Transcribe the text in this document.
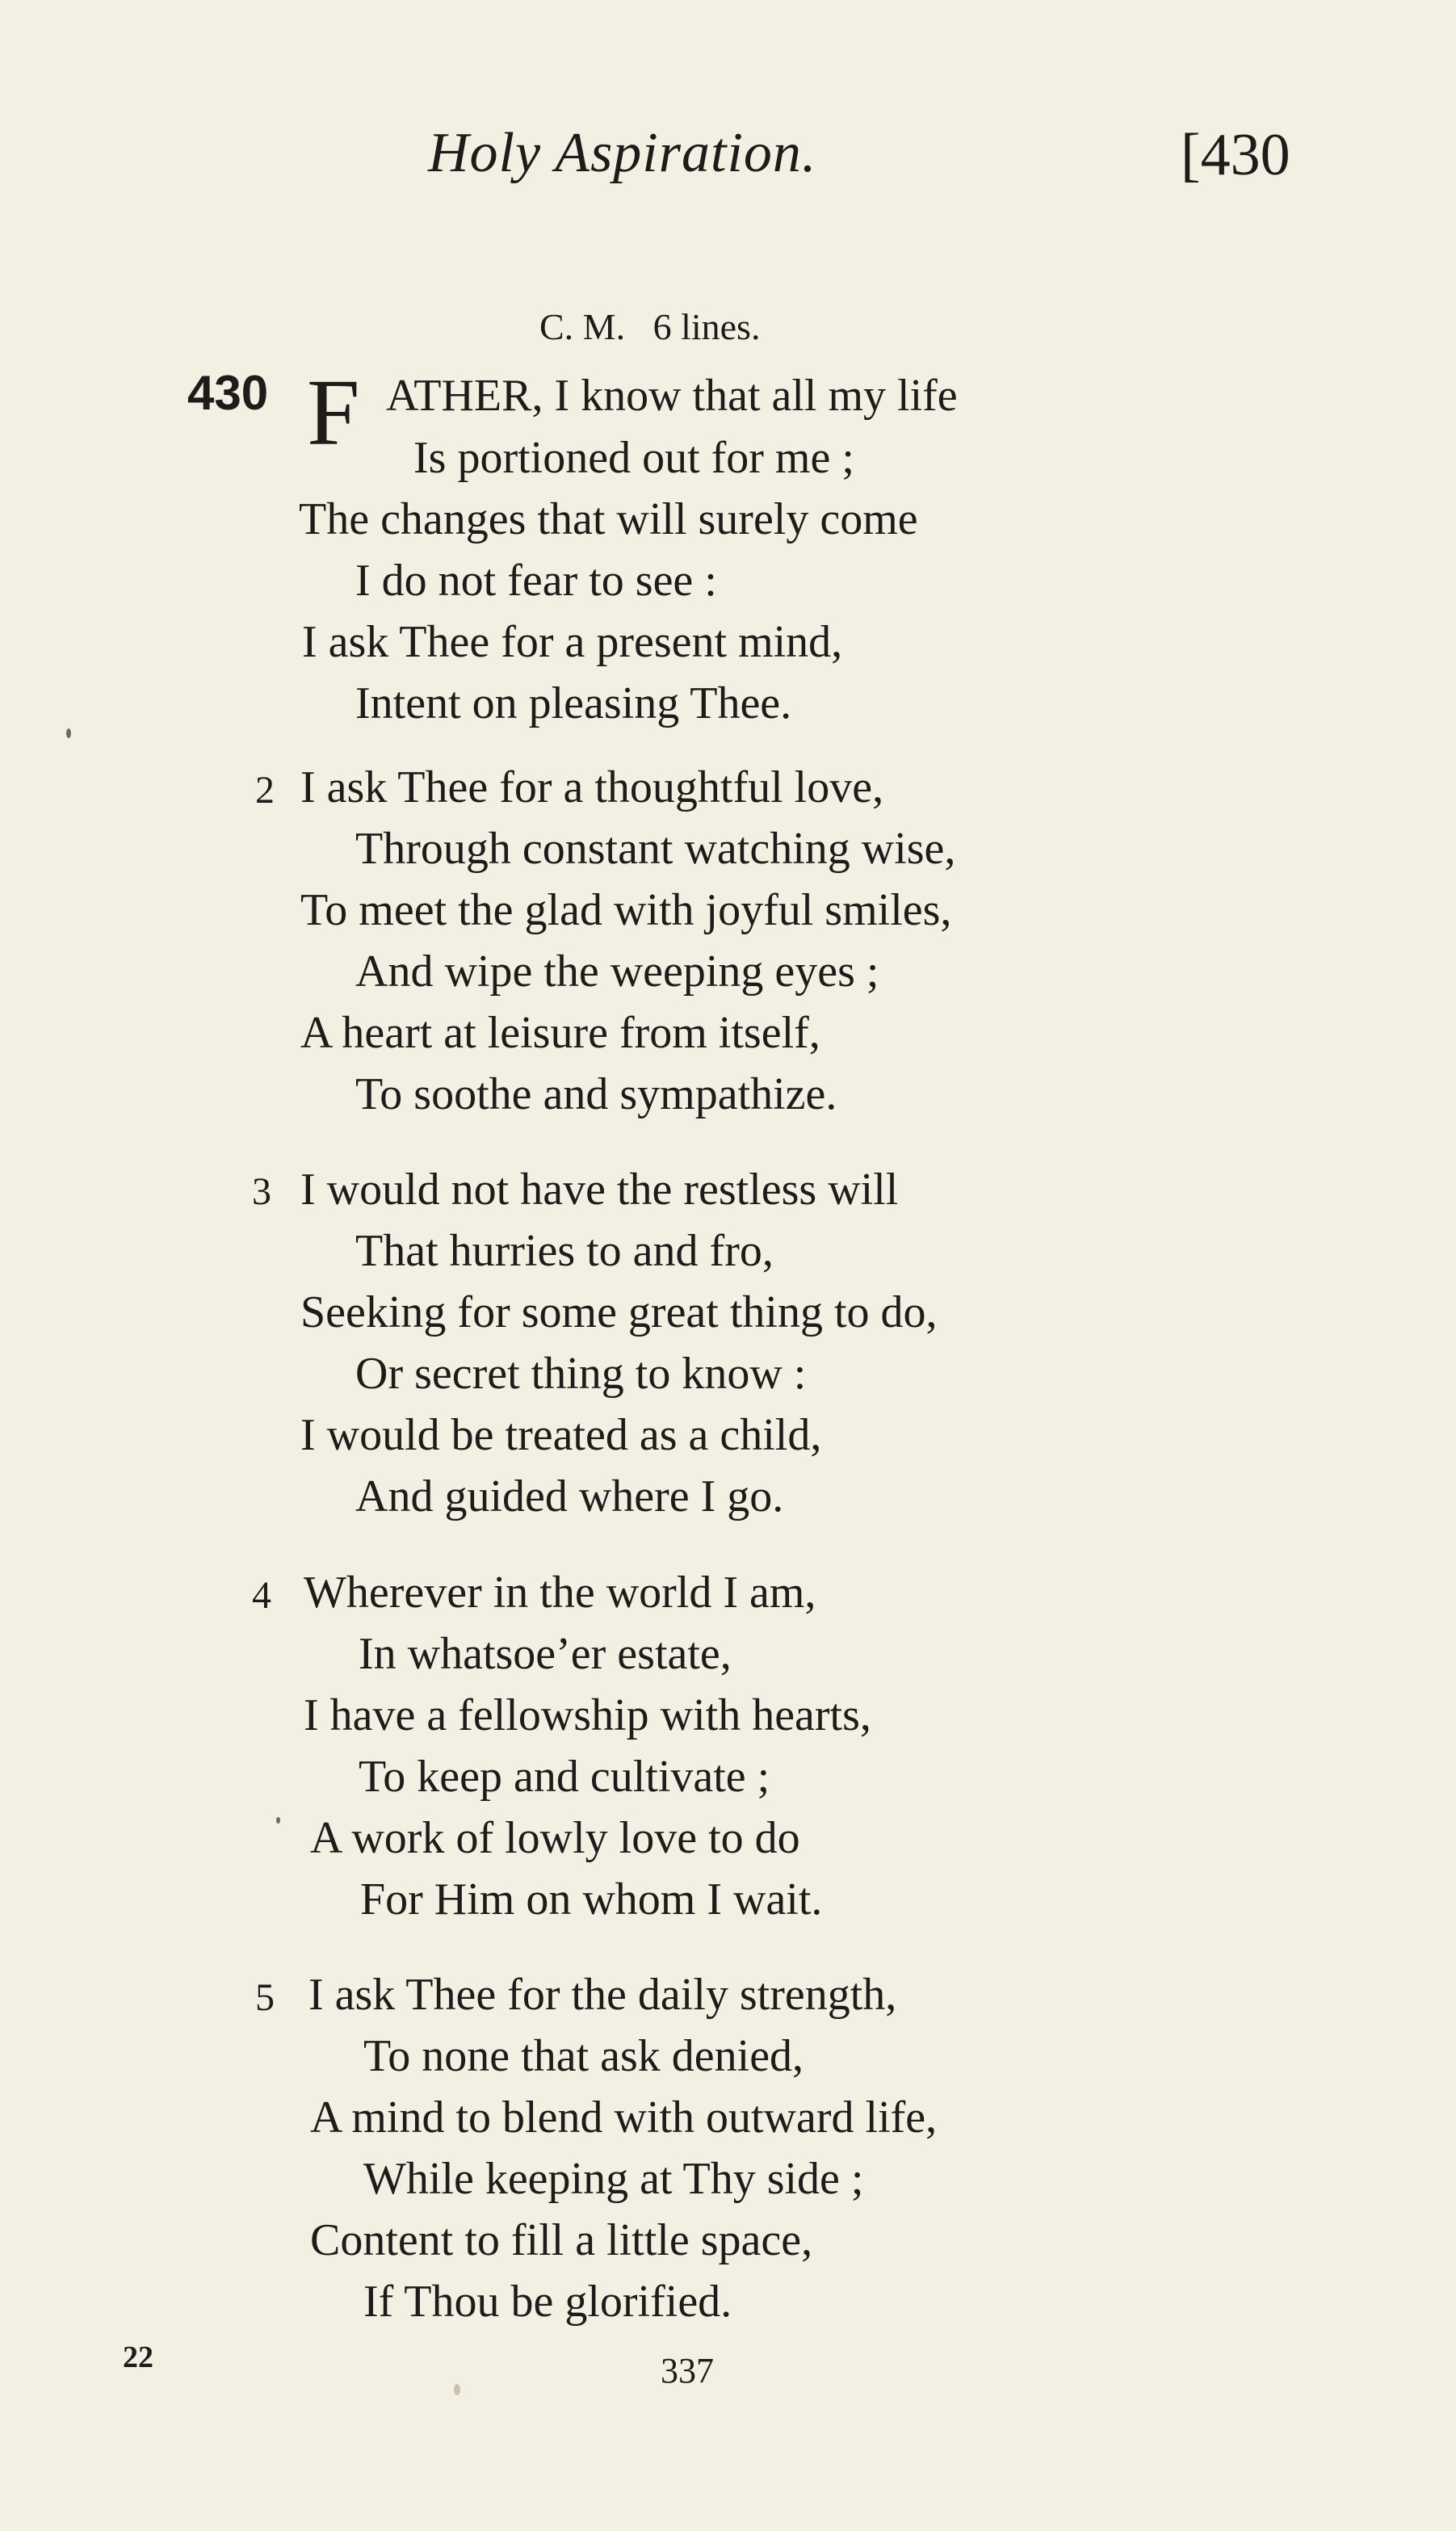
Holy Aspiration.	[430
C. M.   6 lines.
430 F ATHER, I know that all my life
Is portioned out for me ;
The changes that will surely come
I do not fear to see :
I ask Thee for a present mind,
Intent on pleasing Thee.
2 I ask Thee for a thoughtful love,
Through constant watching wise,
To meet the glad with joyful smiles,
And wipe the weeping eyes ;
A heart at leisure from itself,
To soothe and sympathize.
3 I would not have the restless will
That hurries to and fro,
Seeking for some great thing to do,
Or secret thing to know :
I would be treated as a child,
And guided where I go.
4 Wherever in the world I am,
In whatsoe’er estate,
I have a fellowship with hearts,
To keep and cultivate ;
A work of lowly love to do
For Him on whom I wait.
5 I ask Thee for the daily strength,
To none that ask denied,
A mind to blend with outward life,
While keeping at Thy side ;
Content to fill a little space,
If Thou be glorified.
22	337
